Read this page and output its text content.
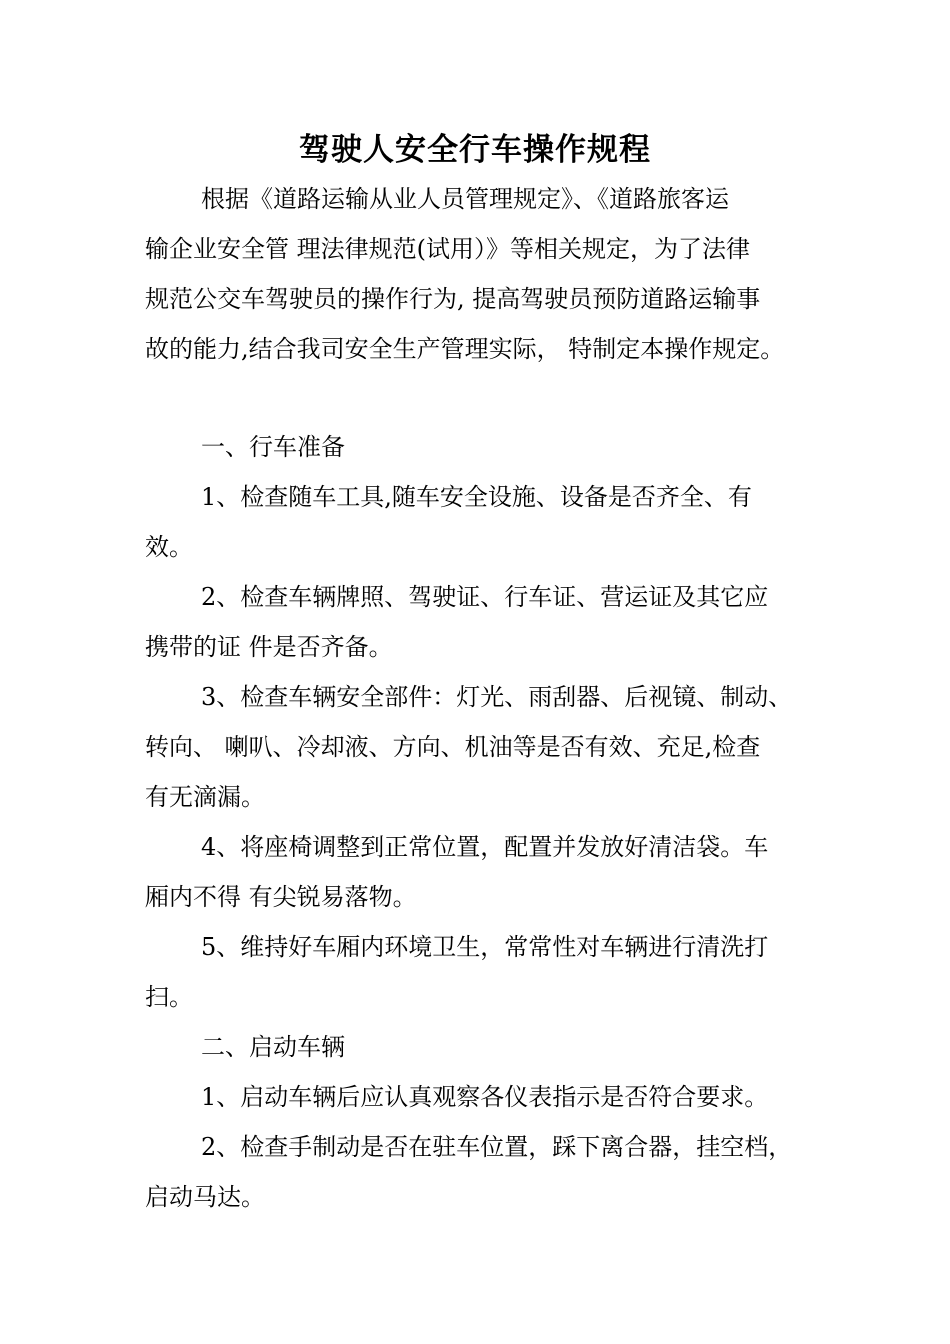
驾驶人安全行车操作规程

根据《道路运输从业人员管理规定》、《道路旅客运
输企业安全管 理法律规范(试用）》等相关规定，为了法律
规范公交车驾驶员的操作行为, 提高驾驶员预防道路运输事
故的能力,结合我司安全生产管理实际， 特制定本操作规定。

一、行车准备

1、检查随车工具,随车安全设施、设备是否齐全、有
效。

2、检查车辆牌照、驾驶证、行车证、营运证及其它应
携带的证 件是否齐备。

3、检查车辆安全部件：灯光、雨刮器、后视镜、制动、
转向、 喇叭、冷却液、方向、机油等是否有效、充足,检查
有无滴漏。

4、将座椅调整到正常位置，配置并发放好清洁袋。车
厢内不得 有尖锐易落物。

5、维持好车厢内环境卫生，常常性对车辆进行清洗打
扫。

二、启动车辆

1、启动车辆后应认真观察各仪表指示是否符合要求。

2、检查手制动是否在驻车位置，踩下离合器，挂空档，
启动马达。
